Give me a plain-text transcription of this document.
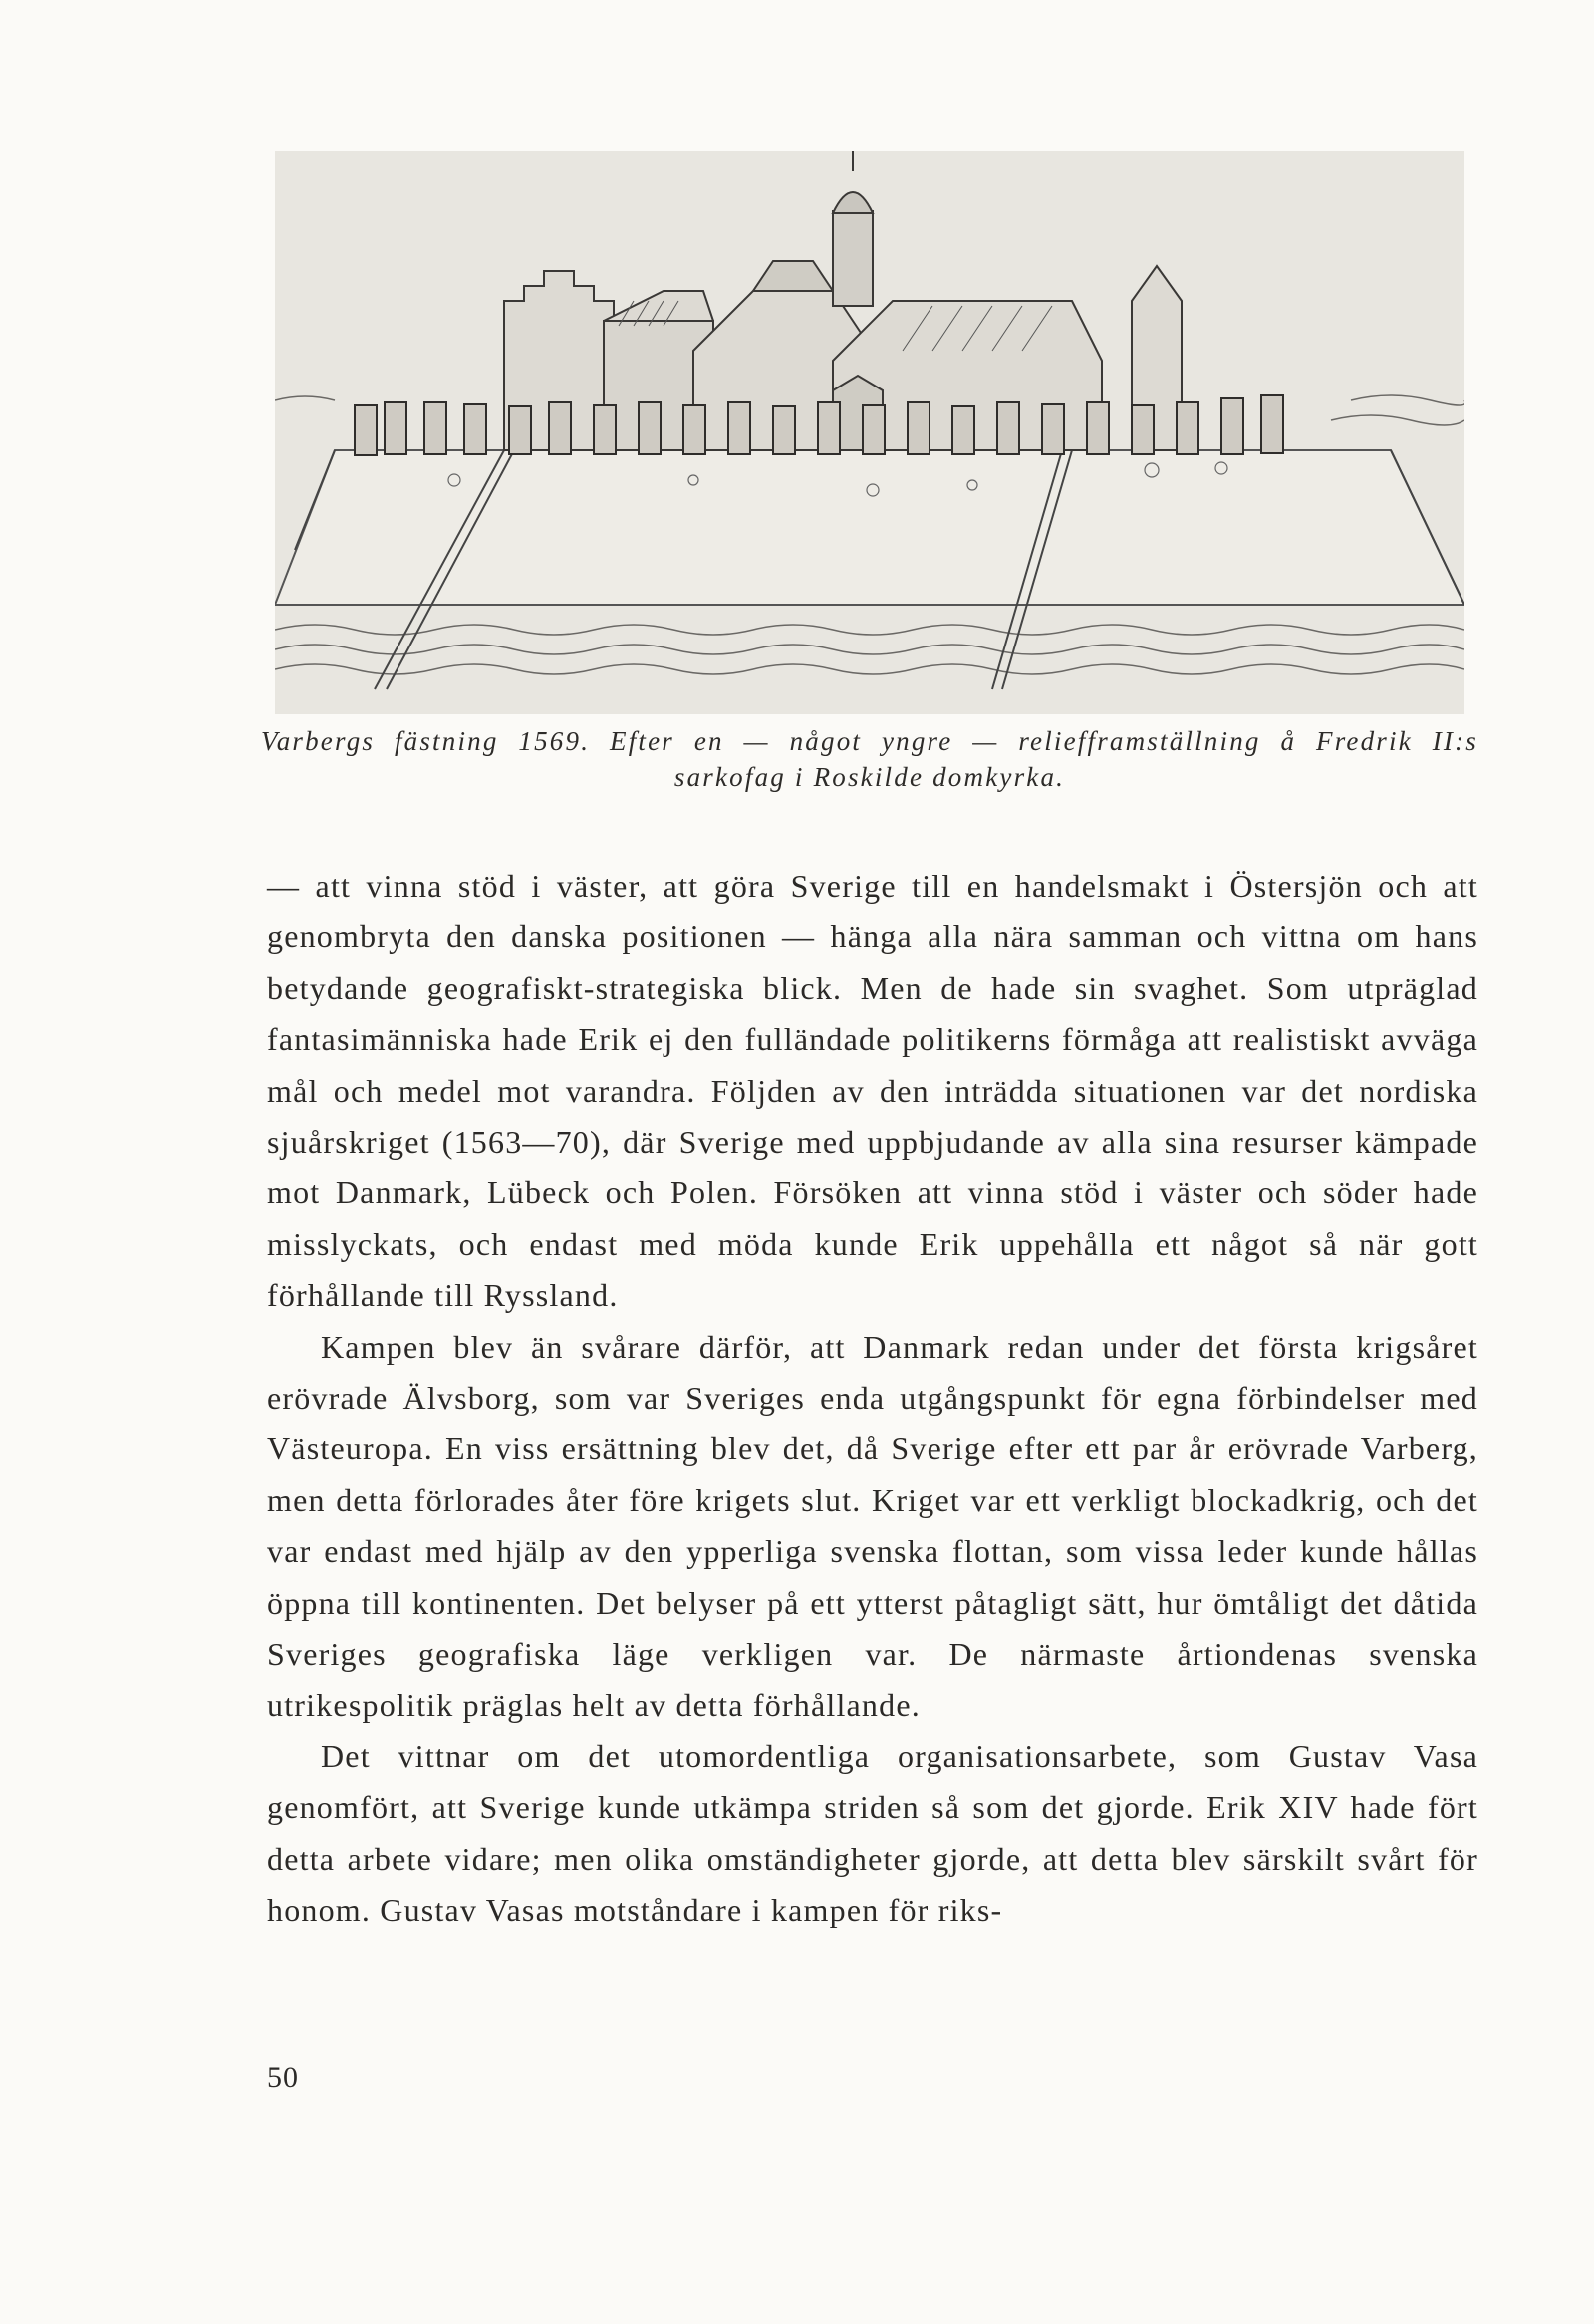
Varbergs fästning 1569. Efter en — något yngre — reliefframställning å Fredrik II:s
sarkofag i Roskilde domkyrka.

— att vinna stöd i väster, att göra Sverige till en handelsmakt i Östersjön och att genombryta den danska positionen — hänga alla nära samman och vittna om hans betydande geografiskt-strategiska blick. Men de hade sin svaghet. Som utpräglad fantasimänniska hade Erik ej den fulländade politikerns förmåga att realistiskt avväga mål och medel mot varandra. Följden av den inträdda situationen var det nordiska sjuårskriget (1563—70), där Sverige med uppbjudande av alla sina resurser kämpade mot Danmark, Lübeck och Polen. Försöken att vinna stöd i väster och söder hade misslyckats, och endast med möda kunde Erik uppehålla ett något så när gott förhållande till Ryssland.

Kampen blev än svårare därför, att Danmark redan under det första krigsåret erövrade Älvsborg, som var Sveriges enda utgångspunkt för egna förbindelser med Västeuropa. En viss ersättning blev det, då Sverige efter ett par år erövrade Varberg, men detta förlorades åter före krigets slut. Kriget var ett verkligt blockadkrig, och det var endast med hjälp av den ypperliga svenska flottan, som vissa leder kunde hållas öppna till kontinenten. Det belyser på ett ytterst påtagligt sätt, hur ömtåligt det dåtida Sveriges geografiska läge verkligen var. De närmaste årtiondenas svenska utrikespolitik präglas helt av detta förhållande.

Det vittnar om det utomordentliga organisationsarbete, som Gustav Vasa genomfört, att Sverige kunde utkämpa striden så som det gjorde. Erik XIV hade fört detta arbete vidare; men olika omständigheter gjorde, att detta blev särskilt svårt för honom. Gustav Vasas motståndare i kampen för riks-

50
